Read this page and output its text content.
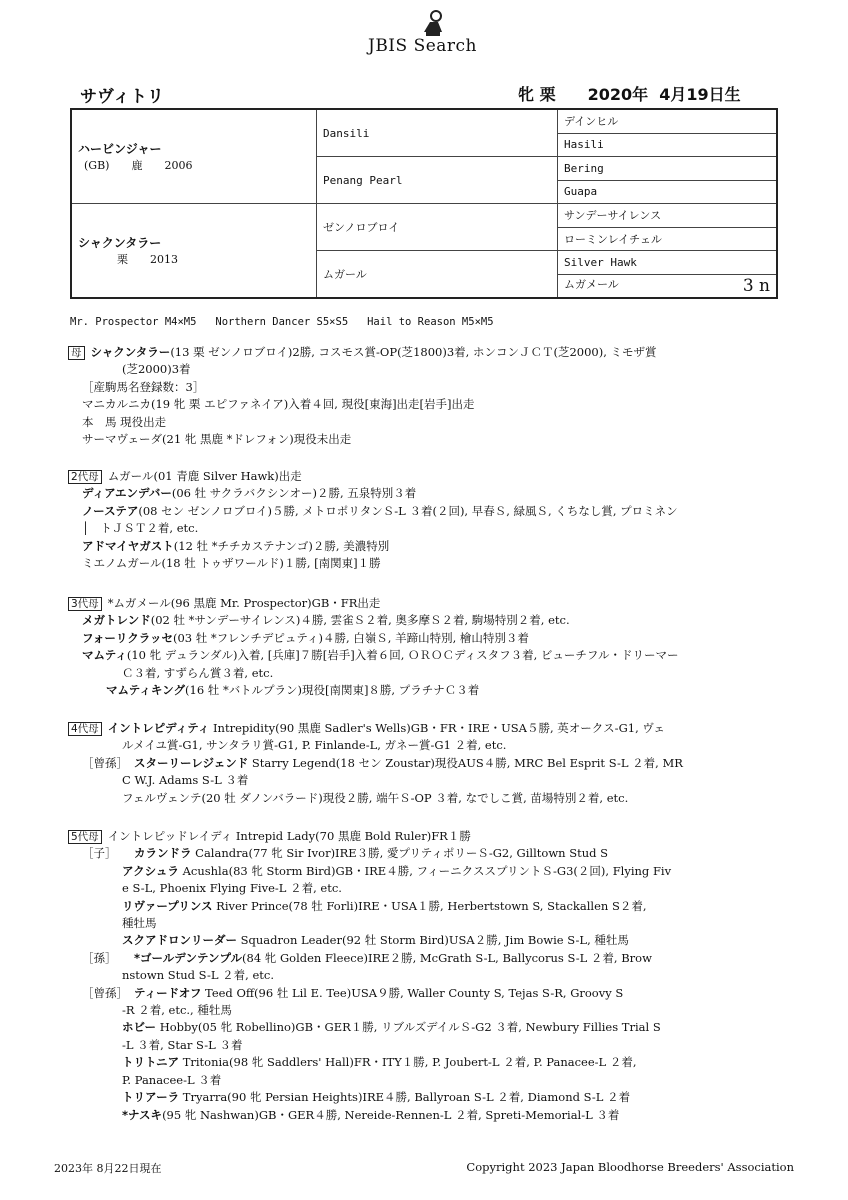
JBIS Search
サヴィトリ	牝 栗　　2020年  4月19日生
ハービンジャー
(GB)　　鹿　　2006	Dansili	デインヒル
		Hasili
	Penang Pearl	Bering
		Guapa

シャクンタラー
　　　栗　　2013	ゼンノロブロイ	サンデーサイレンス
		ローミンレイチェル
	ムガール	Silver Hawk
		ムガメール 3 n
Mr. Prospector M4×M5   Northern Dancer S5×S5   Hail to Reason M5×M5
母 シャクンタラー(13 栗 ゼンノロブロイ)2勝, コスモス賞-OP(芝1800)3着, ホンコンＪＣＴ(芝2000), ミモザ賞
(芝2000)3着
［産駒馬名登録数：3］
マニカルニカ(19 牝 栗 エピファネイア)入着４回, 現役[東海]出走[岩手]出走
本　馬 現役出走
サーマヴェーダ(21 牝 黒鹿 *ドレフォン)現役未出走
2代母 ムガール(01 青鹿 Silver Hawk)出走
ディアエンデバー(06 牡 サクラバクシンオー)２勝, 五泉特別３着
ノーステア(08 セン ゼンノロブロイ)５勝, メトロポリタンＳ-L ３着(２回), 早春Ｓ, 緑風Ｓ, くちなし賞, プロミネン
│　トＪＳＴ２着, etc.
アドマイヤガスト(12 牡 *チチカステナンゴ)２勝, 美濃特別
ミエノムガール(18 牡 トゥザワールド)１勝, [南関東]１勝
3代母 *ムガメール(96 黒鹿 Mr. Prospector)GB・FR出走
メガトレンド(02 牡 *サンデーサイレンス)４勝, 雲雀Ｓ２着, 奥多摩Ｓ２着, 駒場特別２着, etc.
フォーリクラッセ(03 牡 *フレンチデピュティ)４勝, 白嶺Ｓ, 羊蹄山特別, 檜山特別３着
マムティ(10 牝 デュランダル)入着, [兵庫]７勝[岩手]入着６回, ＯＲＯＣディスタフ３着, ビューチフル・ドリーマー
Ｃ３着, すずらん賞３着, etc.
マムティキング(16 牡 *バトルプラン)現役[南関東]８勝, プラチナＣ３着
4代母 イントレピディティ Intrepidity(90 黒鹿 Sadler's Wells)GB・FR・IRE・USA５勝, 英オークス-G1, ヴェ
ルメイユ賞-G1, サンタラリ賞-G1, P. Finlande-L, ガネー賞-G1 ２着, etc.
［曾孫］ スターリーレジェンド Starry Legend(18 セン Zoustar)現役AUS４勝, MRC Bel Esprit S-L ２着, MR
C W.J. Adams S-L ３着
フェルヴェンテ(20 牡 ダノンバラード)現役２勝, 端午Ｓ-OP ３着, なでしこ賞, 苗場特別２着, etc.
5代母 イントレピッドレイディ Intrepid Lady(70 黒鹿 Bold Ruler)FR１勝
［子］ カランドラ Calandra(77 牝 Sir Ivor)IRE３勝, 愛プリティポリーＳ-G2, Gilltown Stud S
アクシュラ Acushla(83 牝 Storm Bird)GB・IRE４勝, フィーニクススプリントＳ-G3(２回), Flying Fiv
e S-L, Phoenix Flying Five-L ２着, etc.
リヴァープリンス River Prince(78 牡 Forli)IRE・USA１勝, Herbertstown S, Stackallen S２着,
種牡馬
スクアドロンリーダー Squadron Leader(92 牡 Storm Bird)USA２勝, Jim Bowie S-L, 種牡馬
［孫］ *ゴールデンテンプル(84 牝 Golden Fleece)IRE２勝, McGrath S-L, Ballycorus S-L ２着, Brow
nstown Stud S-L ２着, etc.
［曾孫］ ティードオフ Teed Off(96 牡 Lil E. Tee)USA９勝, Waller County S, Tejas S-R, Groovy S
-R ２着, etc., 種牡馬
ホビー Hobby(05 牝 Robellino)GB・GER１勝, リブルズデイルＳ-G2 ３着, Newbury Fillies Trial S
-L ３着, Star S-L ３着
トリトニア Tritonia(98 牝 Saddlers' Hall)FR・ITY１勝, P. Joubert-L ２着, P. Panacee-L ２着,
P. Panacee-L ３着
トリアーラ Tryarra(90 牝 Persian Heights)IRE４勝, Ballyroan S-L ２着, Diamond S-L ２着
*ナスキ(95 牝 Nashwan)GB・GER４勝, Nereide-Rennen-L ２着, Spreti-Memorial-L ３着
2023年 8月22日現在	Copyright 2023 Japan Bloodhorse Breeders' Association
